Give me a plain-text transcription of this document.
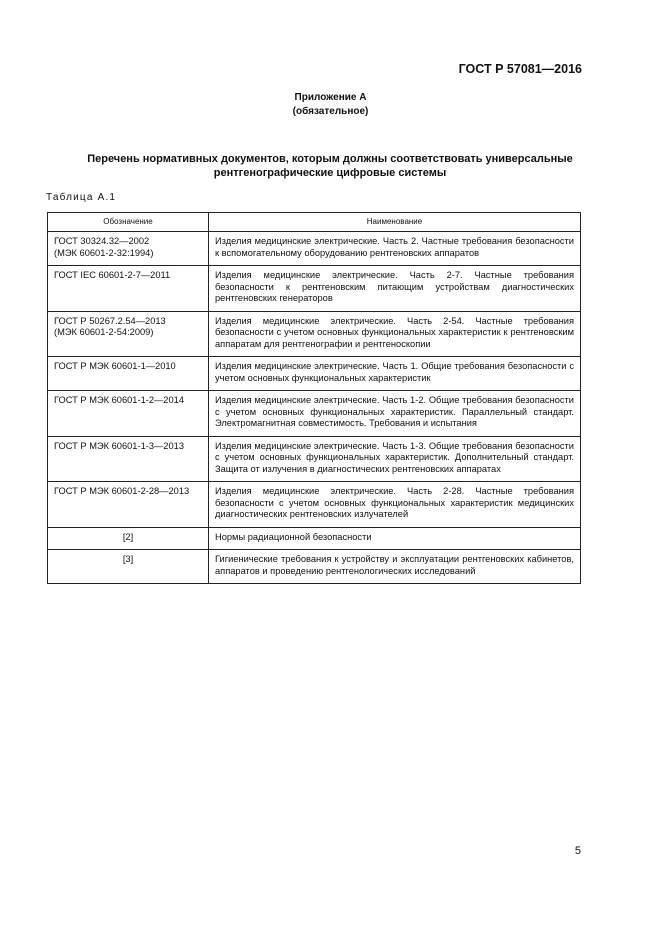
ГОСТ Р 57081—2016
Приложение А
(обязательное)
Перечень нормативных документов, которым должны соответствовать универсальные рентгенографические цифровые системы
Таблица А.1
Обозначение	Наименование
ГОСТ 30324.32—2002
(МЭК 60601-2-32:1994)	Изделия медицинские электрические. Часть 2. Частные требования безопасности к вспомогательному оборудованию рентгеновских аппаратов
ГОСТ IEC 60601-2-7—2011	Изделия медицинские электрические. Часть 2-7. Частные требования безопасности к рентгеновским питающим устройствам диагностических рентгеновских генераторов
ГОСТ Р 50267.2.54—2013
(МЭК 60601-2-54:2009)	Изделия медицинские электрические. Часть 2-54. Частные требования безопасности с учетом основных функциональных характеристик к рентгеновским аппаратам для рентгенографии и рентгеноскопии
ГОСТ Р МЭК 60601-1—2010	Изделия медицинские электрические. Часть 1. Общие требования безопасности с учетом основных функциональных характеристик
ГОСТ Р МЭК 60601-1-2—2014	Изделия медицинские электрические. Часть 1-2. Общие требования безопасности с учетом основных функциональных характеристик. Параллельный стандарт. Электромагнитная совместимость. Требования и испытания
ГОСТ Р МЭК 60601-1-3—2013	Изделия медицинские электрические. Часть 1-3. Общие требования безопасности с учетом основных функциональных характеристик. Дополнительный стандарт. Защита от излучения в диагностических рентгеновских аппаратах
ГОСТ Р МЭК 60601-2-28—2013	Изделия медицинские электрические. Часть 2-28. Частные требования безопасности с учетом основных функциональных характеристик медицинских диагностических рентгеновских излучателей
[2]	Нормы радиационной безопасности
[3]	Гигиенические требования к устройству и эксплуатации рентгеновских кабинетов, аппаратов и проведению рентгенологических исследований
5
